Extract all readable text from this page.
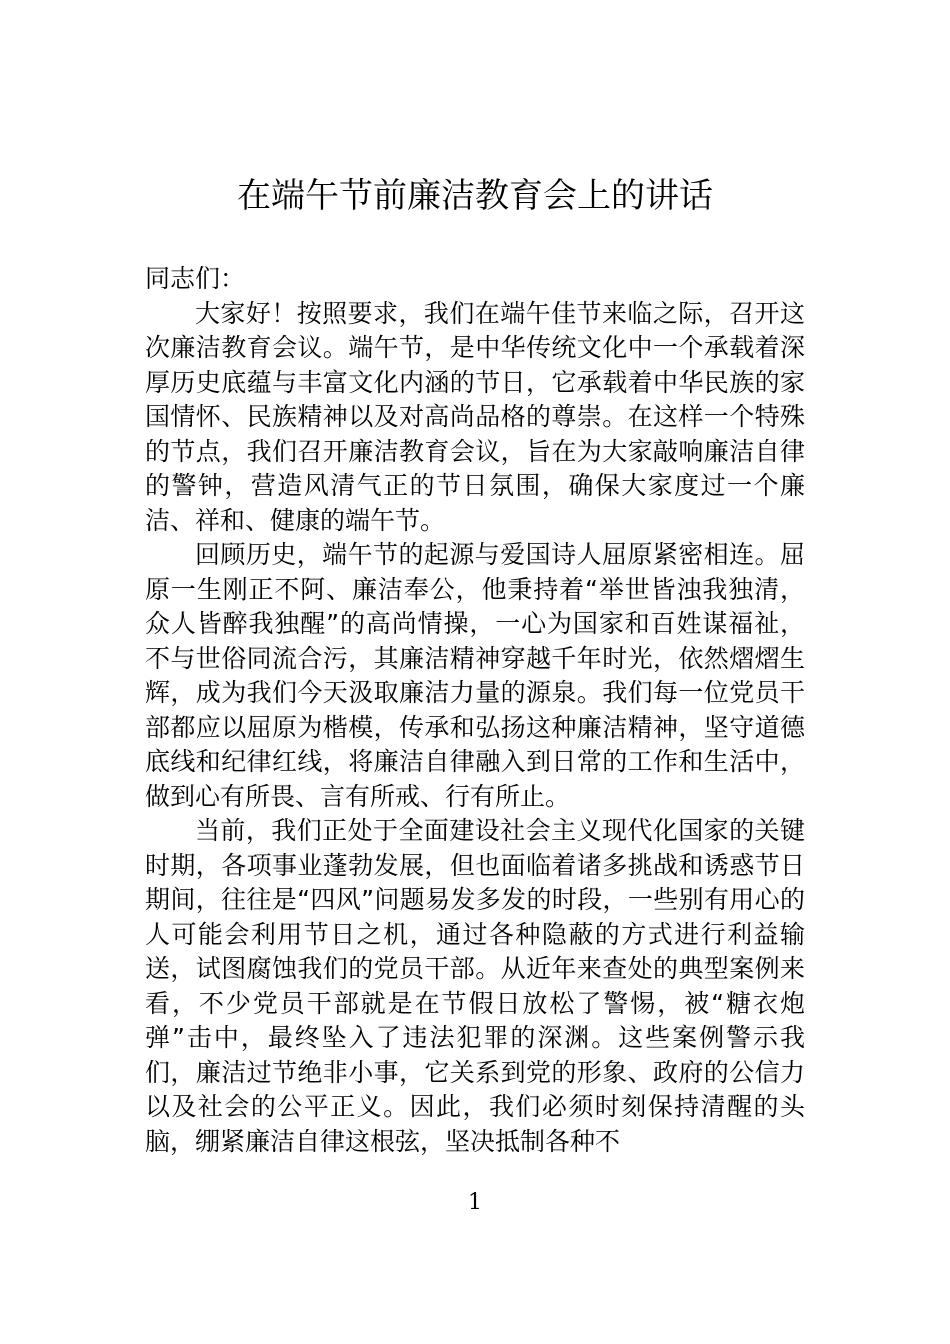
在端午节前廉洁教育会上的讲话

同志们：

大家好！按照要求，我们在端午佳节来临之际，召开这次廉洁教育会议。端午节，是中华传统文化中一个承载着深厚历史底蕴与丰富文化内涵的节日，它承载着中华民族的家国情怀、民族精神以及对高尚品格的尊崇。在这样一个特殊的节点，我们召开廉洁教育会议，旨在为大家敲响廉洁自律的警钟，营造风清气正的节日氛围，确保大家度过一个廉洁、祥和、健康的端午节。

回顾历史，端午节的起源与爱国诗人屈原紧密相连。屈原一生刚正不阿、廉洁奉公，他秉持着“举世皆浊我独清，众人皆醉我独醒”的高尚情操，一心为国家和百姓谋福祉，不与世俗同流合污，其廉洁精神穿越千年时光，依然熠熠生辉，成为我们今天汲取廉洁力量的源泉。我们每一位党员干部都应以屈原为楷模，传承和弘扬这种廉洁精神，坚守道德底线和纪律红线，将廉洁自律融入到日常的工作和生活中，做到心有所畏、言有所戒、行有所止。

当前，我们正处于全面建设社会主义现代化国家的关键时期，各项事业蓬勃发展，但也面临着诸多挑战和诱惑节日期间，往往是“四风”问题易发多发的时段，一些别有用心的人可能会利用节日之机，通过各种隐蔽的方式进行利益输送，试图腐蚀我们的党员干部。从近年来查处的典型案例来看，不少党员干部就是在节假日放松了警惕，被“糖衣炮弹”击中，最终坠入了违法犯罪的深渊。这些案例警示我们，廉洁过节绝非小事，它关系到党的形象、政府的公信力以及社会的公平正义。因此，我们必须时刻保持清醒的头脑，绷紧廉洁自律这根弦，坚决抵制各种不

1
